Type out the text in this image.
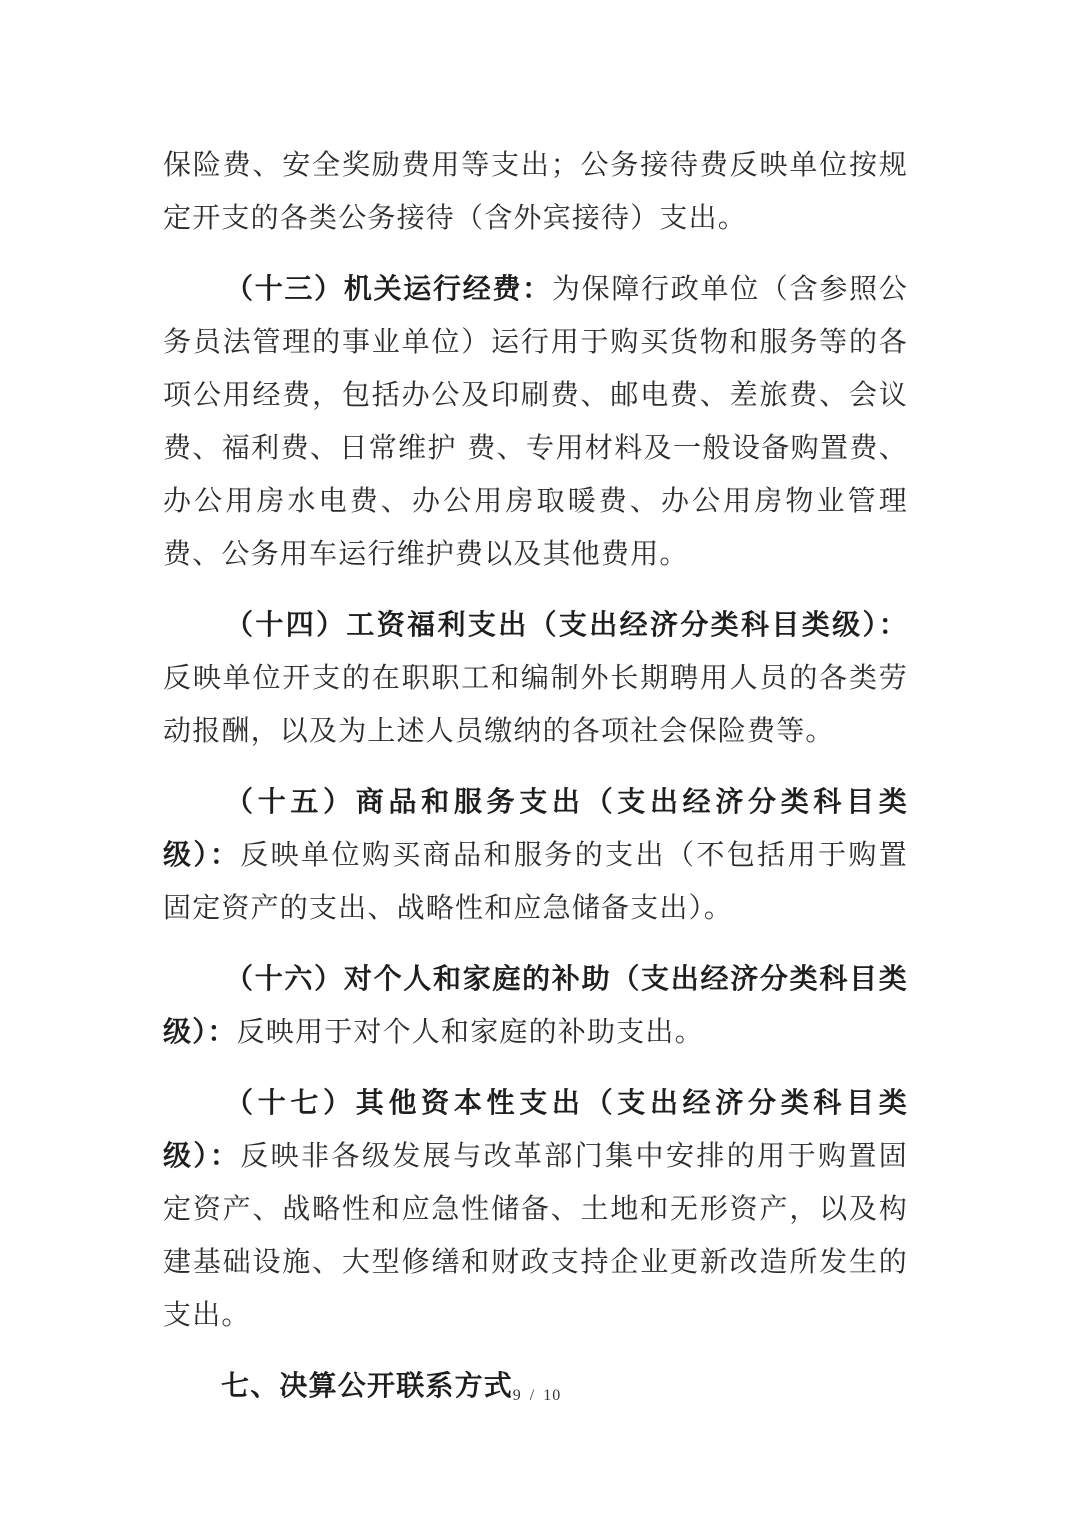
保险费、安全奖励费用等支出；公务接待费反映单位按规定开支的各类公务接待（含外宾接待）支出。

（十三）机关运行经费：为保障行政单位（含参照公务员法管理的事业单位）运行用于购买货物和服务等的各项公用经费，包括办公及印刷费、邮电费、差旅费、会议费、福利费、日常维护 费、专用材料及一般设备购置费、办公用房水电费、办公用房取暖费、办公用房物业管理费、公务用车运行维护费以及其他费用。

（十四）工资福利支出（支出经济分类科目类级）：反映单位开支的在职职工和编制外长期聘用人员的各类劳动报酬，以及为上述人员缴纳的各项社会保险费等。

（十五）商品和服务支出（支出经济分类科目类级）：反映单位购买商品和服务的支出（不包括用于购置固定资产的支出、战略性和应急储备支出）。

（十六）对个人和家庭的补助（支出经济分类科目类级）：反映用于对个人和家庭的补助支出。

（十七）其他资本性支出（支出经济分类科目类级）：反映非各级发展与改革部门集中安排的用于购置固定资产、战略性和应急性储备、土地和无形资产，以及构建基础设施、大型修缮和财政支持企业更新改造所发生的支出。

七、决算公开联系方式 9 / 10
